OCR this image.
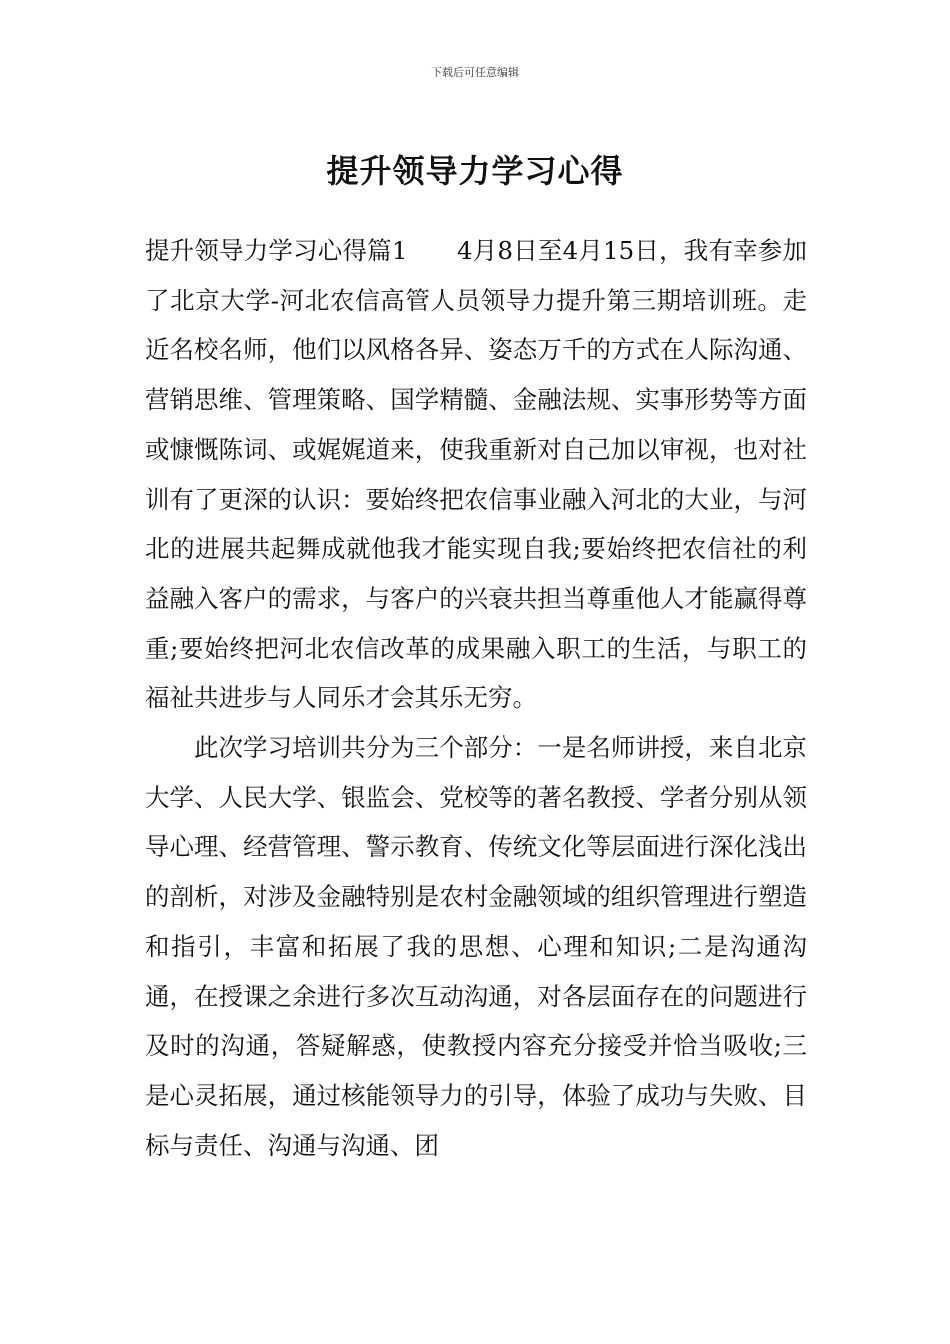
下载后可任意编辑
提升领导力学习心得

提升领导力学习心得篇1　　4月8日至4月15日，我有幸参加了北京大学-河北农信高管人员领导力提升第三期培训班。走近名校名师，他们以风格各异、姿态万千的方式在人际沟通、营销思维、管理策略、国学精髓、金融法规、实事形势等方面或慷慨陈词、或娓娓道来，使我重新对自己加以审视，也对社训有了更深的认识：要始终把农信事业融入河北的大业，与河北的进展共起舞成就他我才能实现自我;要始终把农信社的利益融入客户的需求，与客户的兴衰共担当尊重他人才能赢得尊重;要始终把河北农信改革的成果融入职工的生活，与职工的福祉共进步与人同乐才会其乐无穷。

此次学习培训共分为三个部分：一是名师讲授，来自北京大学、人民大学、银监会、党校等的著名教授、学者分别从领导心理、经营管理、警示教育、传统文化等层面进行深化浅出的剖析，对涉及金融特别是农村金融领域的组织管理进行塑造和指引，丰富和拓展了我的思想、心理和知识;二是沟通沟通，在授课之余进行多次互动沟通，对各层面存在的问题进行及时的沟通，答疑解惑，使教授内容充分接受并恰当吸收;三是心灵拓展，通过核能领导力的引导，体验了成功与失败、目标与责任、沟通与沟通、团
